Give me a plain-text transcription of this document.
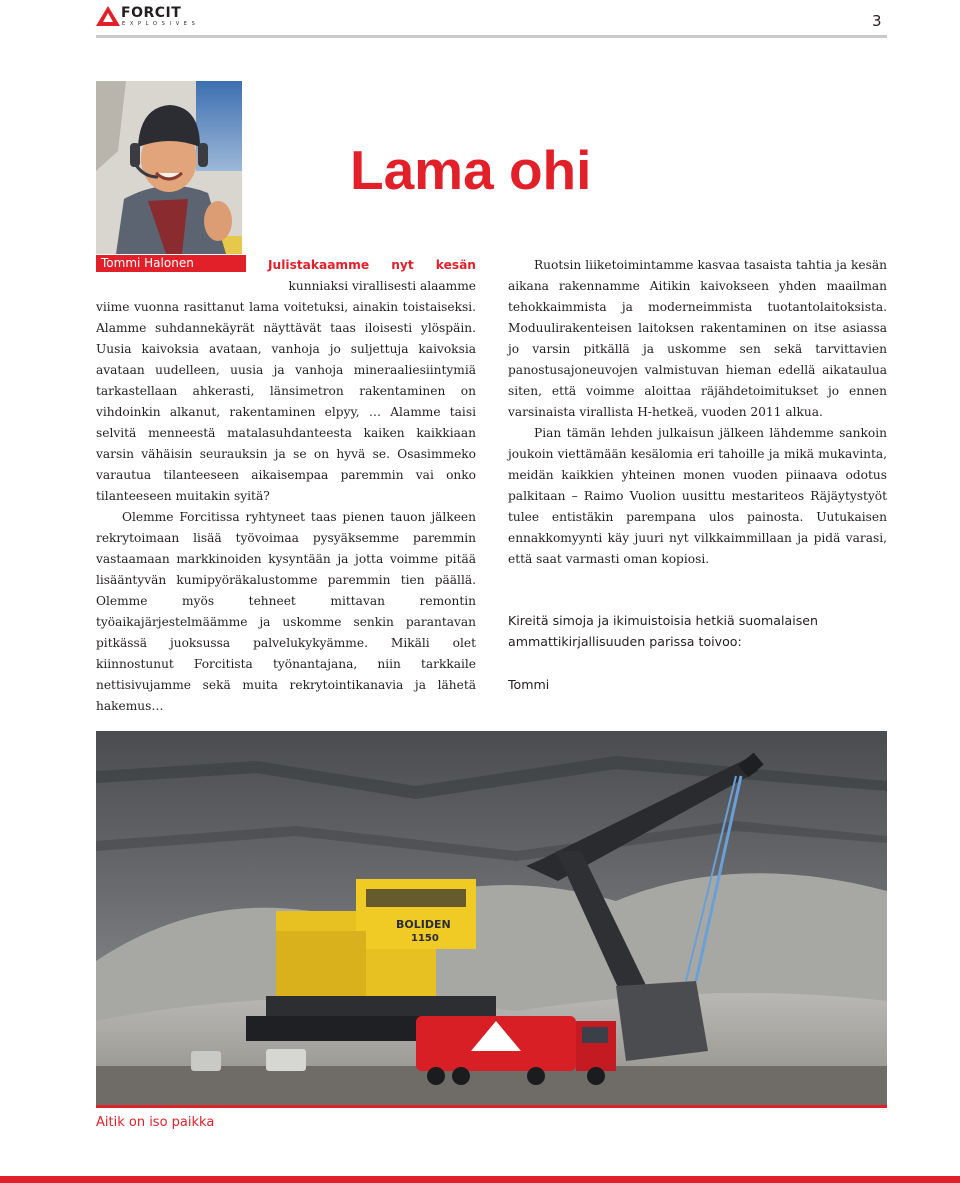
FORCIT
EXPLOSIVES	3
Tommi Halonen
Lama ohi
Julistakaamme nyt kesän
kunniaksi virallisesti alaamme

viime vuonna rasittanut lama voitetuksi, ainakin toistaiseksi. Alamme suhdannekäyrät näyttävät taas iloisesti ylöspäin. Uusia kaivoksia avataan, vanhoja jo suljettuja kaivoksia avataan uudelleen, uusia ja vanhoja mineraaliesiintymiä tarkastellaan ahkerasti, länsimetron rakentaminen on vihdoinkin alkanut, rakentaminen elpyy, … Alamme taisi selvitä menneestä matalasuhdanteesta kaiken kaikkiaan varsin vähäisin seurauksin ja se on hyvä se. Osasimmeko varautua tilanteeseen aikaisempaa paremmin vai onko tilanteeseen muitakin syitä?

Olemme Forcitissa ryhtyneet taas pienen tauon jälkeen rekrytoimaan lisää työvoimaa pysyäksemme paremmin vastaamaan markkinoiden kysyntään ja jotta voimme pitää lisääntyvän kumipyöräkalustomme paremmin tien päällä. Olemme myös tehneet mittavan remontin työaikajärjestelmäämme ja uskomme senkin parantavan pitkässä juoksussa palvelukykyämme. Mikäli olet kiinnostunut Forcitista työnantajana, niin tarkkaile nettisivujamme sekä muita rekrytointikanavia ja lähetä hakemus…

Ruotsin liiketoimintamme kasvaa tasaista tahtia ja kesän aikana rakennamme Aitikin kaivokseen yhden maailman tehokkaimmista ja moderneimmista tuotantolaitoksista. Moduulirakenteisen laitoksen rakentaminen on itse asiassa jo varsin pitkällä ja uskomme sen sekä tarvittavien panostusajoneuvojen valmistuvan hieman edellä aikataulua siten, että voimme aloittaa räjähdetoimitukset jo ennen varsinaista virallista H-hetkeä, vuoden 2011 alkua.

Pian tämän lehden julkaisun jälkeen lähdemme sankoin joukoin viettämään kesälomia eri tahoille ja mikä mukavinta, meidän kaikkien yhteinen monen vuoden piinaava odotus palkitaan – Raimo Vuolion uusittu mestariteos Räjäytystyöt tulee entistäkin parempana ulos painosta. Uutukaisen ennakkomyynti käy juuri nyt vilkkaimmillaan ja pidä varasi, että saat varmasti oman kopiosi.

Kireitä simoja ja ikimuistoisia hetkiä suomalaisen ammattikirjallisuuden parissa toivoo:
Tommi
BOLIDEN
1150
Aitik on iso paikka
